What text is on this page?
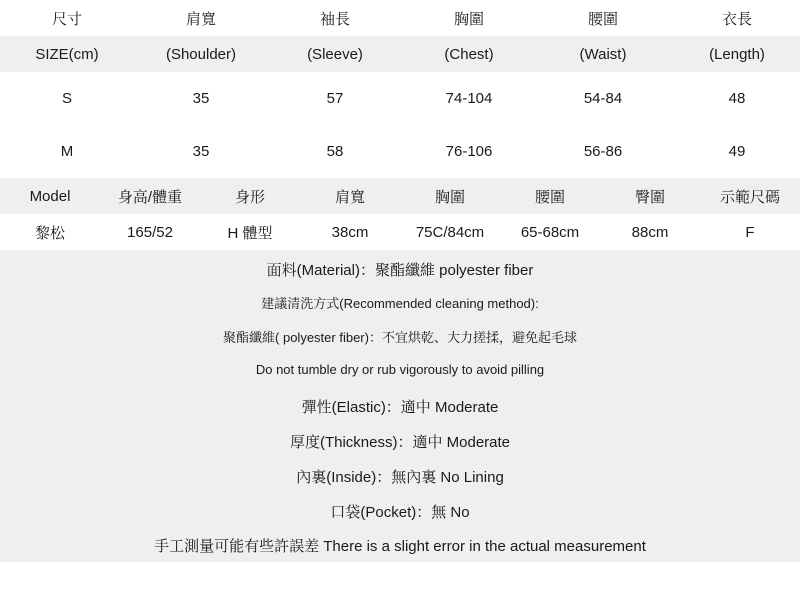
尺寸	肩寬	袖長	胸圍	腰圍	衣長
SIZE(cm)	(Shoulder)	(Sleeve)	(Chest)	(Waist)	(Length)
S	35	57	74-104	54-84	48
M	35	58	76-106	56-86	49
Model	身高/體重	身形	肩寬	胸圍	腰圍	臀圍	示範尺碼
黎松	165/52	H 體型	38cm	75C/84cm	65-68cm	88cm	F
面料(Material)：聚酯纖維 polyester fiber
建議清洗方式(Recommended cleaning method):
聚酯纖維( polyester fiber)：不宜烘乾、大力搓揉，避免起毛球
Do not tumble dry or rub vigorously to avoid pilling
彈性(Elastic)：適中 Moderate
厚度(Thickness)：適中 Moderate
內裏(Inside)：無內裏 No Lining
口袋(Pocket)：無 No
手工測量可能有些許誤差 There is a slight error in the actual measurement
